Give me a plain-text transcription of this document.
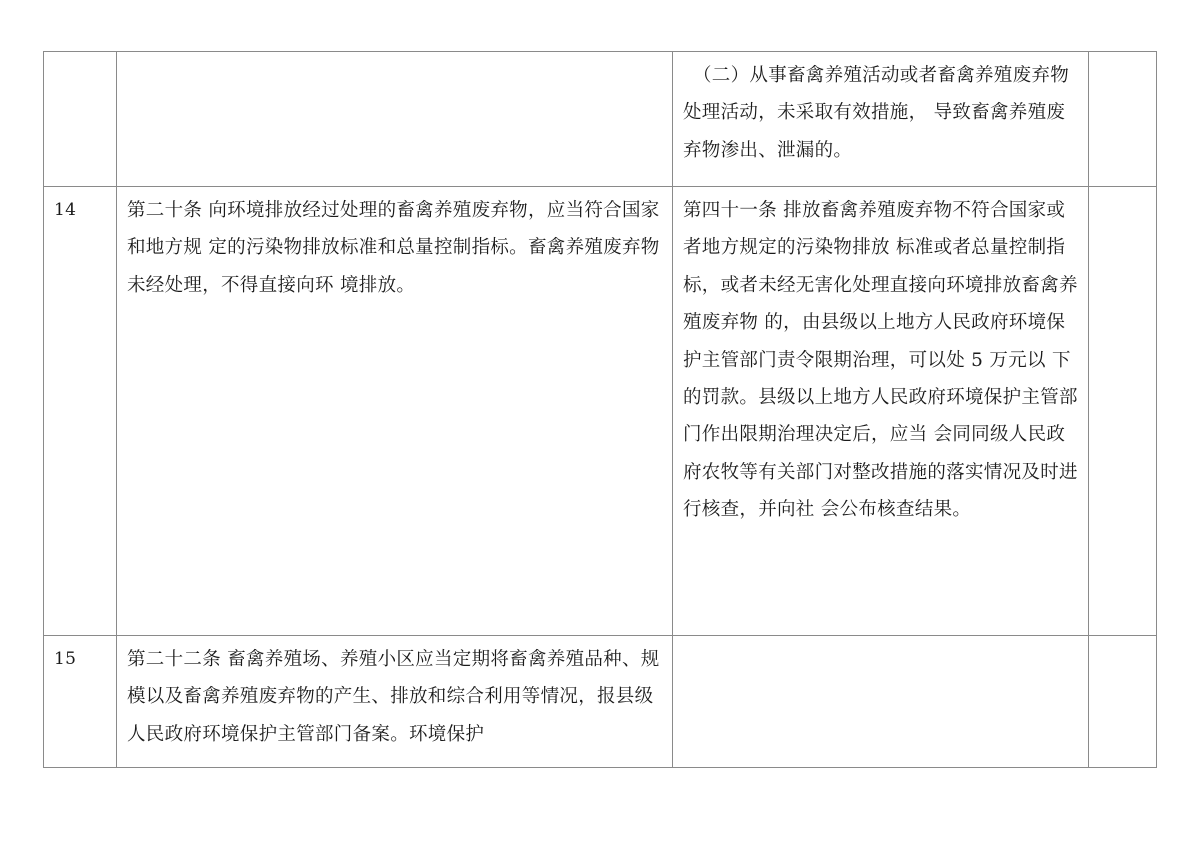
		（二）从事畜禽养殖活动或者畜禽养殖废弃物处理活动，未采取有效措施， 导致畜禽养殖废弃物渗出、泄漏的。	

14	第二十条 向环境排放经过处理的畜禽养殖废弃物，应当符合国家和地方规 定的污染物排放标准和总量控制指标。畜禽养殖废弃物未经处理，不得直接向环 境排放。	第四十一条 排放畜禽养殖废弃物不符合国家或者地方规定的污染物排放 标准或者总量控制指标，或者未经无害化处理直接向环境排放畜禽养殖废弃物 的，由县级以上地方人民政府环境保护主管部门责令限期治理，可以处 5 万元以 下的罚款。县级以上地方人民政府环境保护主管部门作出限期治理决定后，应当 会同同级人民政府农牧等有关部门对整改措施的落实情况及时进行核查，并向社 会公布核查结果。	

15	第二十二条 畜禽养殖场、养殖小区应当定期将畜禽养殖品种、规模以及畜禽养殖废弃物的产生、排放和综合利用等情况，报县级人民政府环境保护主管部门备案。环境保护		
